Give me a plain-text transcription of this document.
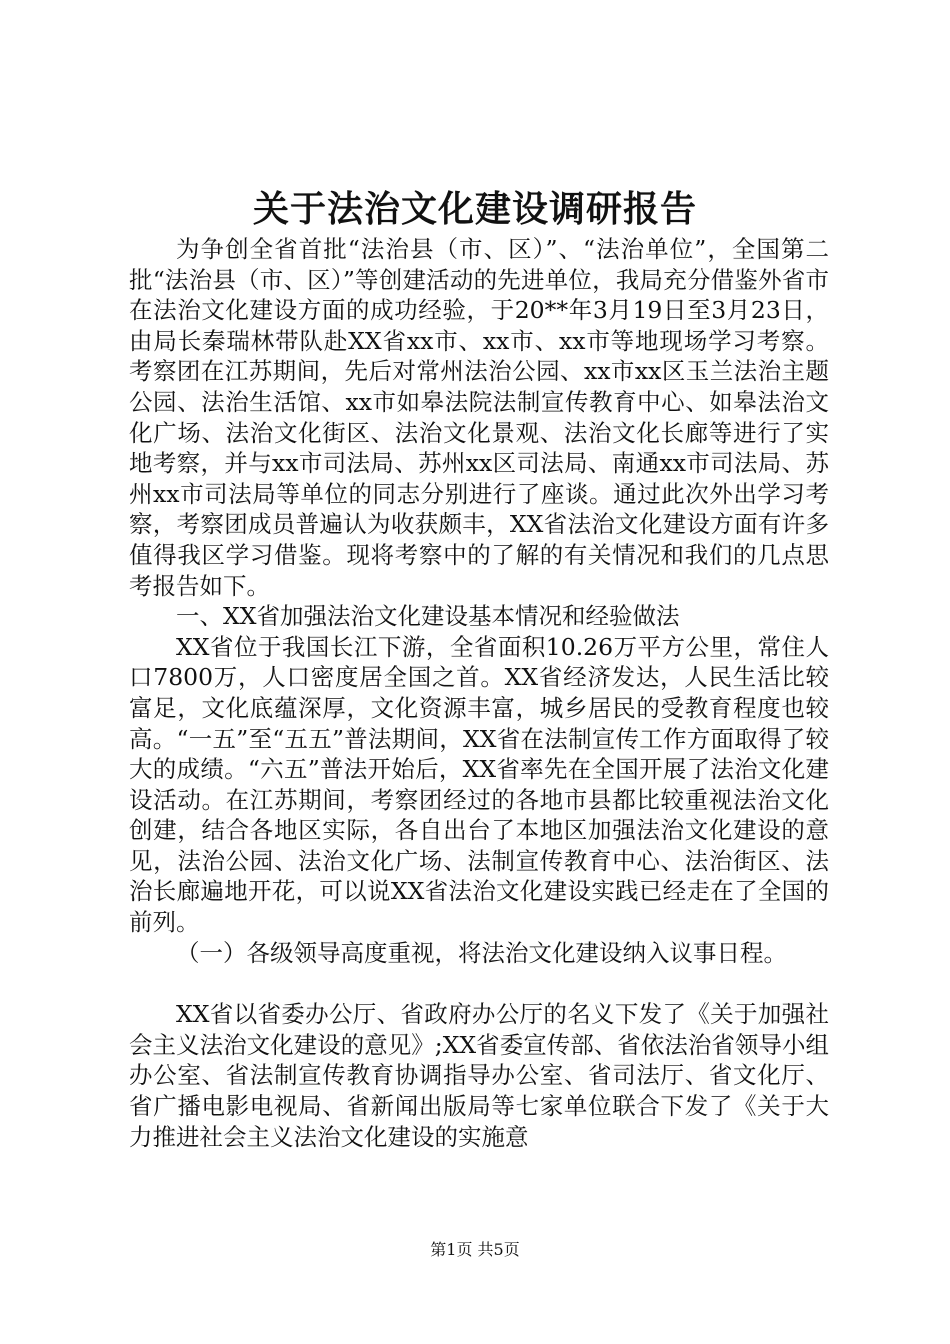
关于法治文化建设调研报告

为争创全省首批“法治县（市、区）”、“法治单位”，全国第二批“法治县（市、区）”等创建活动的先进单位，我局充分借鉴外省市在法治文化建设方面的成功经验，于20**年3月19日至3月23日，由局长秦瑞林带队赴XX省xx市、xx市、xx市等地现场学习考察。考察团在江苏期间，先后对常州法治公园、xx市xx区玉兰法治主题公园、法治生活馆、xx市如皋法院法制宣传教育中心、如皋法治文化广场、法治文化街区、法治文化景观、法治文化长廊等进行了实地考察，并与xx市司法局、苏州xx区司法局、南通xx市司法局、苏州xx市司法局等单位的同志分别进行了座谈。通过此次外出学习考察，考察团成员普遍认为收获颇丰，XX省法治文化建设方面有许多值得我区学习借鉴。现将考察中的了解的有关情况和我们的几点思考报告如下。

一、XX省加强法治文化建设基本情况和经验做法

XX省位于我国长江下游，全省面积10.26万平方公里，常住人口7800万，人口密度居全国之首。XX省经济发达，人民生活比较富足，文化底蕴深厚，文化资源丰富，城乡居民的受教育程度也较高。“一五”至“五五”普法期间，XX省在法制宣传工作方面取得了较大的成绩。“六五”普法开始后，XX省率先在全国开展了法治文化建设活动。在江苏期间，考察团经过的各地市县都比较重视法治文化创建，结合各地区实际，各自出台了本地区加强法治文化建设的意见，法治公园、法治文化广场、法制宣传教育中心、法治街区、法治长廊遍地开花，可以说XX省法治文化建设实践已经走在了全国的前列。

（一）各级领导高度重视，将法治文化建设纳入议事日程。

XX省以省委办公厅、省政府办公厅的名义下发了《关于加强社会主义法治文化建设的意见》;XX省委宣传部、省依法治省领导小组办公室、省法制宣传教育协调指导办公室、省司法厅、省文化厅、省广播电影电视局、省新闻出版局等七家单位联合下发了《关于大力推进社会主义法治文化建设的实施意

第1页 共5页
